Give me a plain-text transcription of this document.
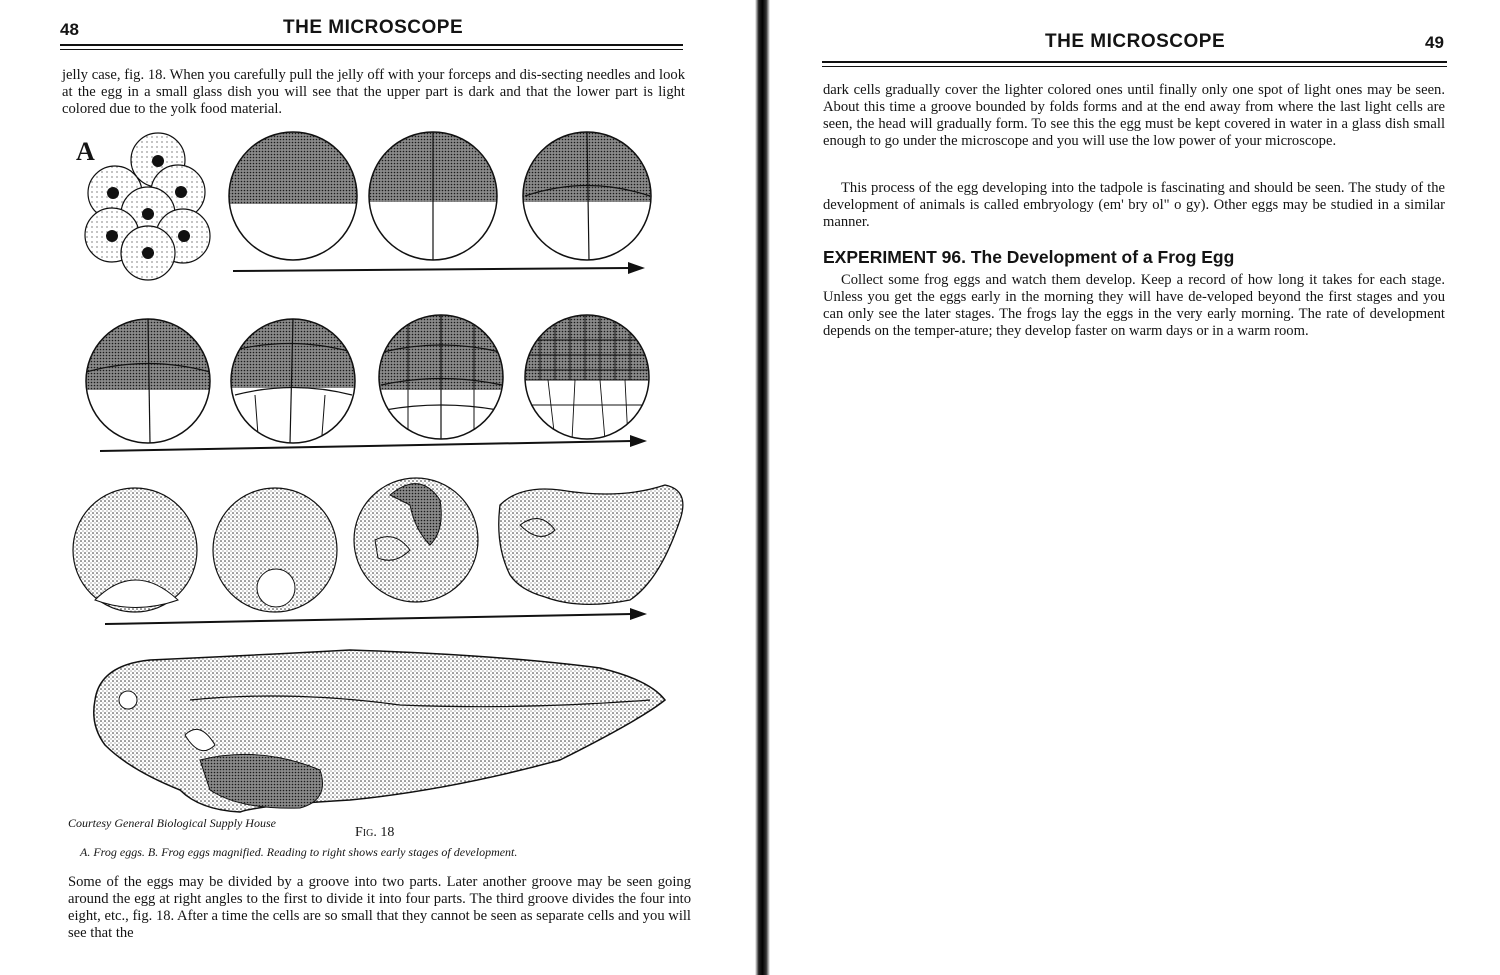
48	THE MICROSCOPE

jelly case, fig. 18. When you carefully pull the jelly off with your forceps and dis-secting needles and look at the egg in a small glass dish you will see that the upper part is dark and that the lower part is light colored due to the yolk food material.

A

Courtesy General Biological Supply House

Fig. 18

A. Frog eggs. B. Frog eggs magnified. Reading to right shows early stages of development.

Some of the eggs may be divided by a groove into two parts. Later another groove may be seen going around the egg at right angles to the first to divide it into four parts. The third groove divides the four into eight, etc., fig. 18. After a time the cells are so small that they cannot be seen as separate cells and you will see that the

THE MICROSCOPE	49

dark cells gradually cover the lighter colored ones until finally only one spot of light ones may be seen. About this time a groove bounded by folds forms and at the end away from where the last light cells are seen, the head will gradually form. To see this the egg must be kept covered in water in a glass dish small enough to go under the microscope and you will use the low power of your microscope.

This process of the egg developing into the tadpole is fascinating and should be seen. The study of the development of animals is called embryology (em' bry ol" o gy). Other eggs may be studied in a similar manner.

EXPERIMENT 96. The Development of a Frog Egg

Collect some frog eggs and watch them develop. Keep a record of how long it takes for each stage. Unless you get the eggs early in the morning they will have de-veloped beyond the first stages and you can only see the later stages. The frogs lay the eggs in the very early morning. The rate of development depends on the temper-ature; they develop faster on warm days or in a warm room.
